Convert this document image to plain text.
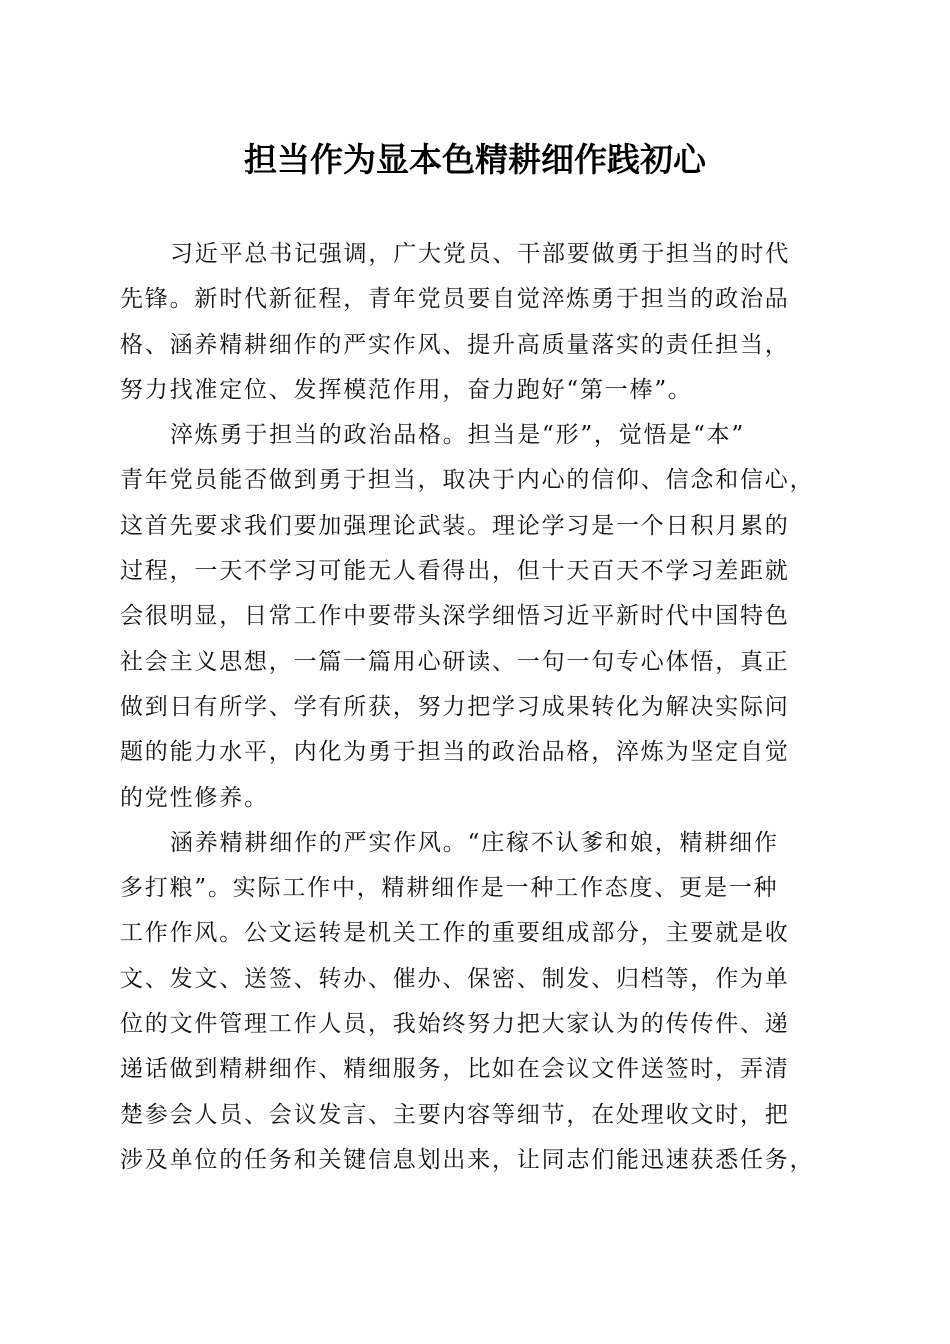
担当作为显本色精耕细作践初心
习近平总书记强调，广大党员、干部要做勇于担当的时代
先锋。新时代新征程，青年党员要自觉淬炼勇于担当的政治品
格、涵养精耕细作的严实作风、提升高质量落实的责任担当，
努力找准定位、发挥模范作用，奋力跑好“第一棒”。
淬炼勇于担当的政治品格。担当是“形”，觉悟是“本”
青年党员能否做到勇于担当，取决于内心的信仰、信念和信心，
这首先要求我们要加强理论武装。理论学习是一个日积月累的
过程，一天不学习可能无人看得出，但十天百天不学习差距就
会很明显，日常工作中要带头深学细悟习近平新时代中国特色
社会主义思想，一篇一篇用心研读、一句一句专心体悟，真正
做到日有所学、学有所获，努力把学习成果转化为解决实际问
题的能力水平，内化为勇于担当的政治品格，淬炼为坚定自觉
的党性修养。
涵养精耕细作的严实作风。“庄稼不认爹和娘，精耕细作
多打粮”。实际工作中，精耕细作是一种工作态度、更是一种
工作作风。公文运转是机关工作的重要组成部分，主要就是收
文、发文、送签、转办、催办、保密、制发、归档等，作为单
位的文件管理工作人员，我始终努力把大家认为的传传件、递
递话做到精耕细作、精细服务，比如在会议文件送签时，弄清
楚参会人员、会议发言、主要内容等细节，在处理收文时，把
涉及单位的任务和关键信息划出来，让同志们能迅速获悉任务，
